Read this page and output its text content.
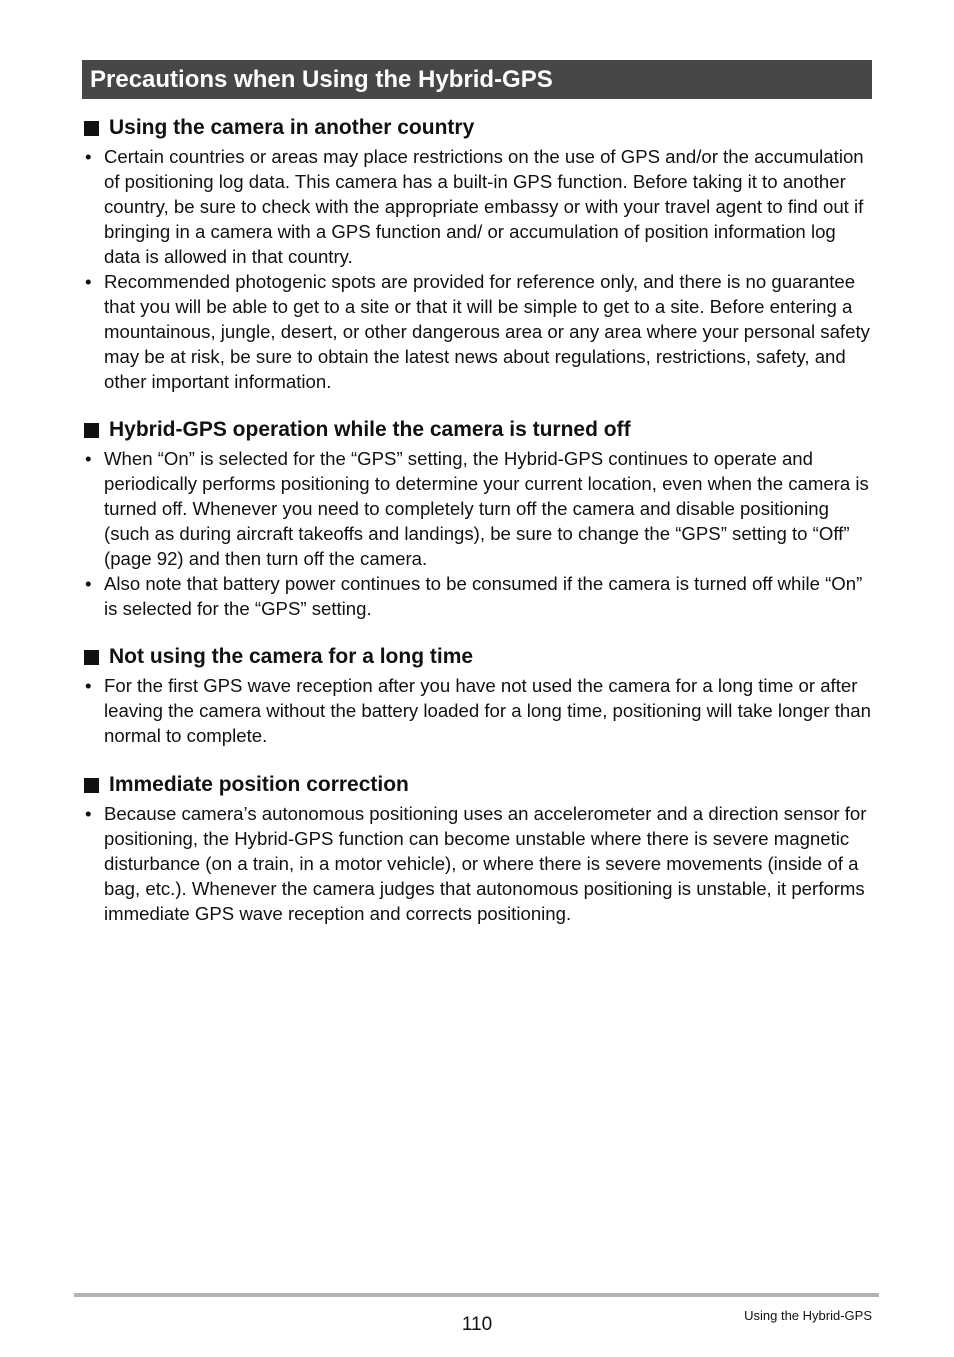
Precautions when Using the Hybrid-GPS
Using the camera in another country
• Certain countries or areas may place restrictions on the use of GPS and/or the accumulation of positioning log data. This camera has a built-in GPS function. Before taking it to another country, be sure to check with the appropriate embassy or with your travel agent to find out if bringing in a camera with a GPS function and/ or accumulation of position information log data is allowed in that country.
• Recommended photogenic spots are provided for reference only, and there is no guarantee that you will be able to get to a site or that it will be simple to get to a site. Before entering a mountainous, jungle, desert, or other dangerous area or any area where your personal safety may be at risk, be sure to obtain the latest news about regulations, restrictions, safety, and other important information.
Hybrid-GPS operation while the camera is turned off
• When “On” is selected for the “GPS” setting, the Hybrid-GPS continues to operate and periodically performs positioning to determine your current location, even when the camera is turned off. Whenever you need to completely turn off the camera and disable positioning (such as during aircraft takeoffs and landings), be sure to change the “GPS” setting to “Off” (page 92) and then turn off the camera.
• Also note that battery power continues to be consumed if the camera is turned off while “On” is selected for the “GPS” setting.
Not using the camera for a long time
• For the first GPS wave reception after you have not used the camera for a long time or after leaving the camera without the battery loaded for a long time, positioning will take longer than normal to complete.
Immediate position correction
• Because camera’s autonomous positioning uses an accelerometer and a direction sensor for positioning, the Hybrid-GPS function can become unstable where there is severe magnetic disturbance (on a train, in a motor vehicle), or where there is severe movements (inside of a bag, etc.). Whenever the camera judges that autonomous positioning is unstable, it performs immediate GPS wave reception and corrects positioning.
110	Using the Hybrid-GPS
